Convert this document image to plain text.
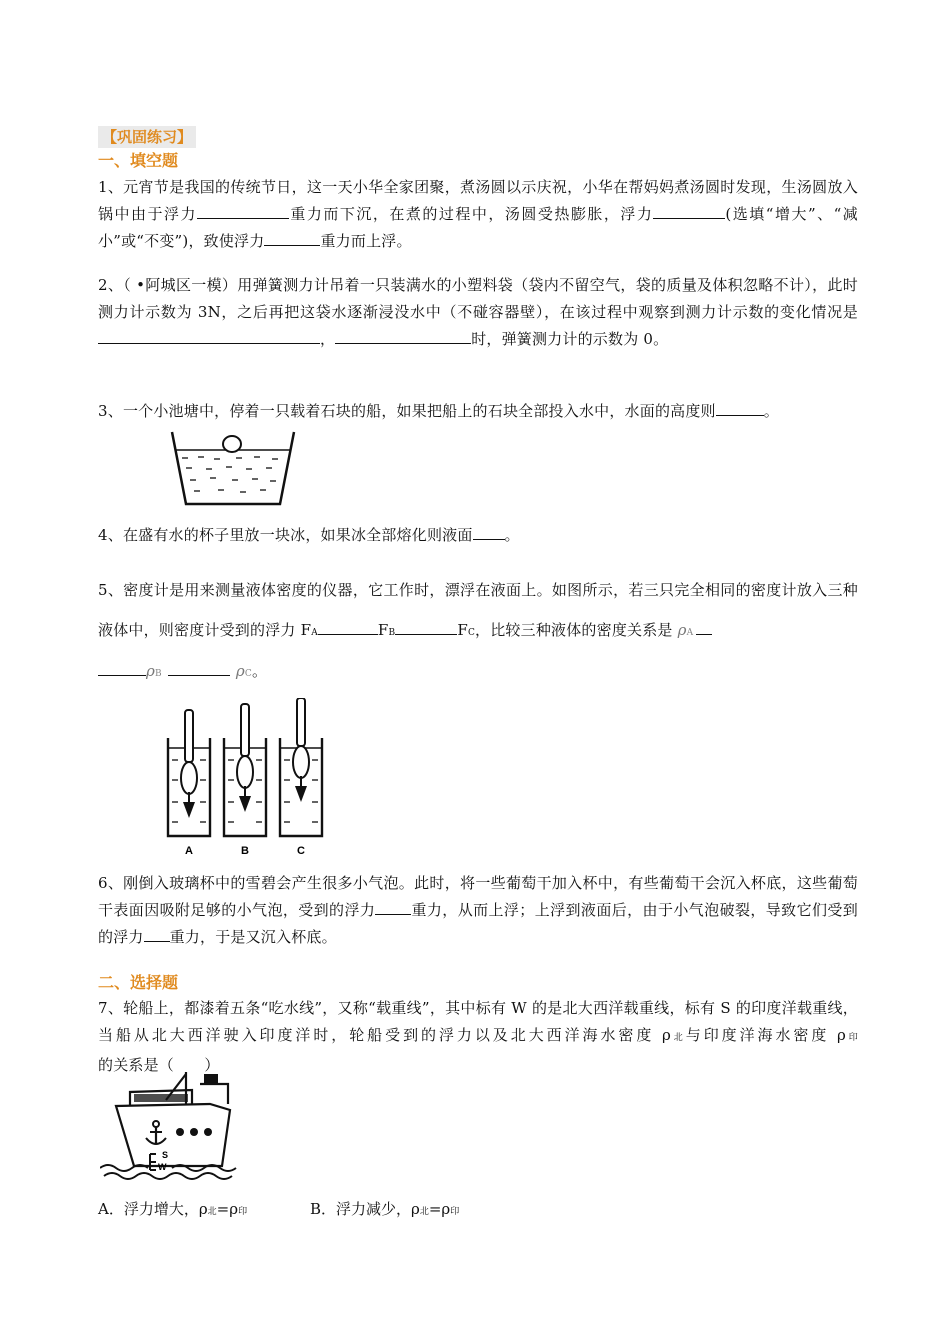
【巩固练习】
一、填空题
1、元宵节是我国的传统节日，这一天小华全家团聚，煮汤圆以示庆祝，小华在帮妈妈煮汤圆时发现，生汤圆放入锅中由于浮力	重力而下沉，在煮的过程中，汤圆受热膨胀，浮力	(选填“增大”、“减小”或“不变”)，致使浮力	重力而上浮。
2、（ •阿城区一模）用弹簧测力计吊着一只装满水的小塑料袋（袋内不留空气，袋的质量及体积忽略不计），此时测力计示数为 3N，之后再把这袋水逐渐浸没水中（不碰容器壁），在该过程中观察到测力计示数的变化情况是，	时，弹簧测力计的示数为 0。
3、一个小池塘中，停着一只载着石块的船，如果把船上的石块全部投入水中，水面的高度则	。
4、在盛有水的杯子里放一块冰，如果冰全部熔化则液面 。
5、密度计是用来测量液体密度的仪器，它工作时，漂浮在液面上。如图所示，若三只完全相同的密度计放入三种液体中，则密度计受到的浮力 FA	FB	FC，比较三种液体的密度关系是 ρA
ρB	ρC。
A	B	C
6、刚倒入玻璃杯中的雪碧会产生很多小气泡。此时，将一些葡萄干加入杯中，有些葡萄干会沉入杯底，这些葡萄干表面因吸附足够的小气泡，受到的浮力 重力，从而上浮；上浮到液面后，由于小气泡破裂，导致它们受到的浮力 重力，于是又沉入杯底。
二、选择题
7、轮船上，都漆着五条“吃水线”，又称“载重线”，其中标有 W 的是北大西洋载重线，标有 S 的印度洋载重线，当船从北大西洋驶入印度洋时，轮船受到的浮力以及北大西洋海水密度 ρ北与印度洋海水密度 ρ印的关系是（　　）
S
W
A．浮力增大，ρ北=ρ印	B．浮力减少，ρ北=ρ印
